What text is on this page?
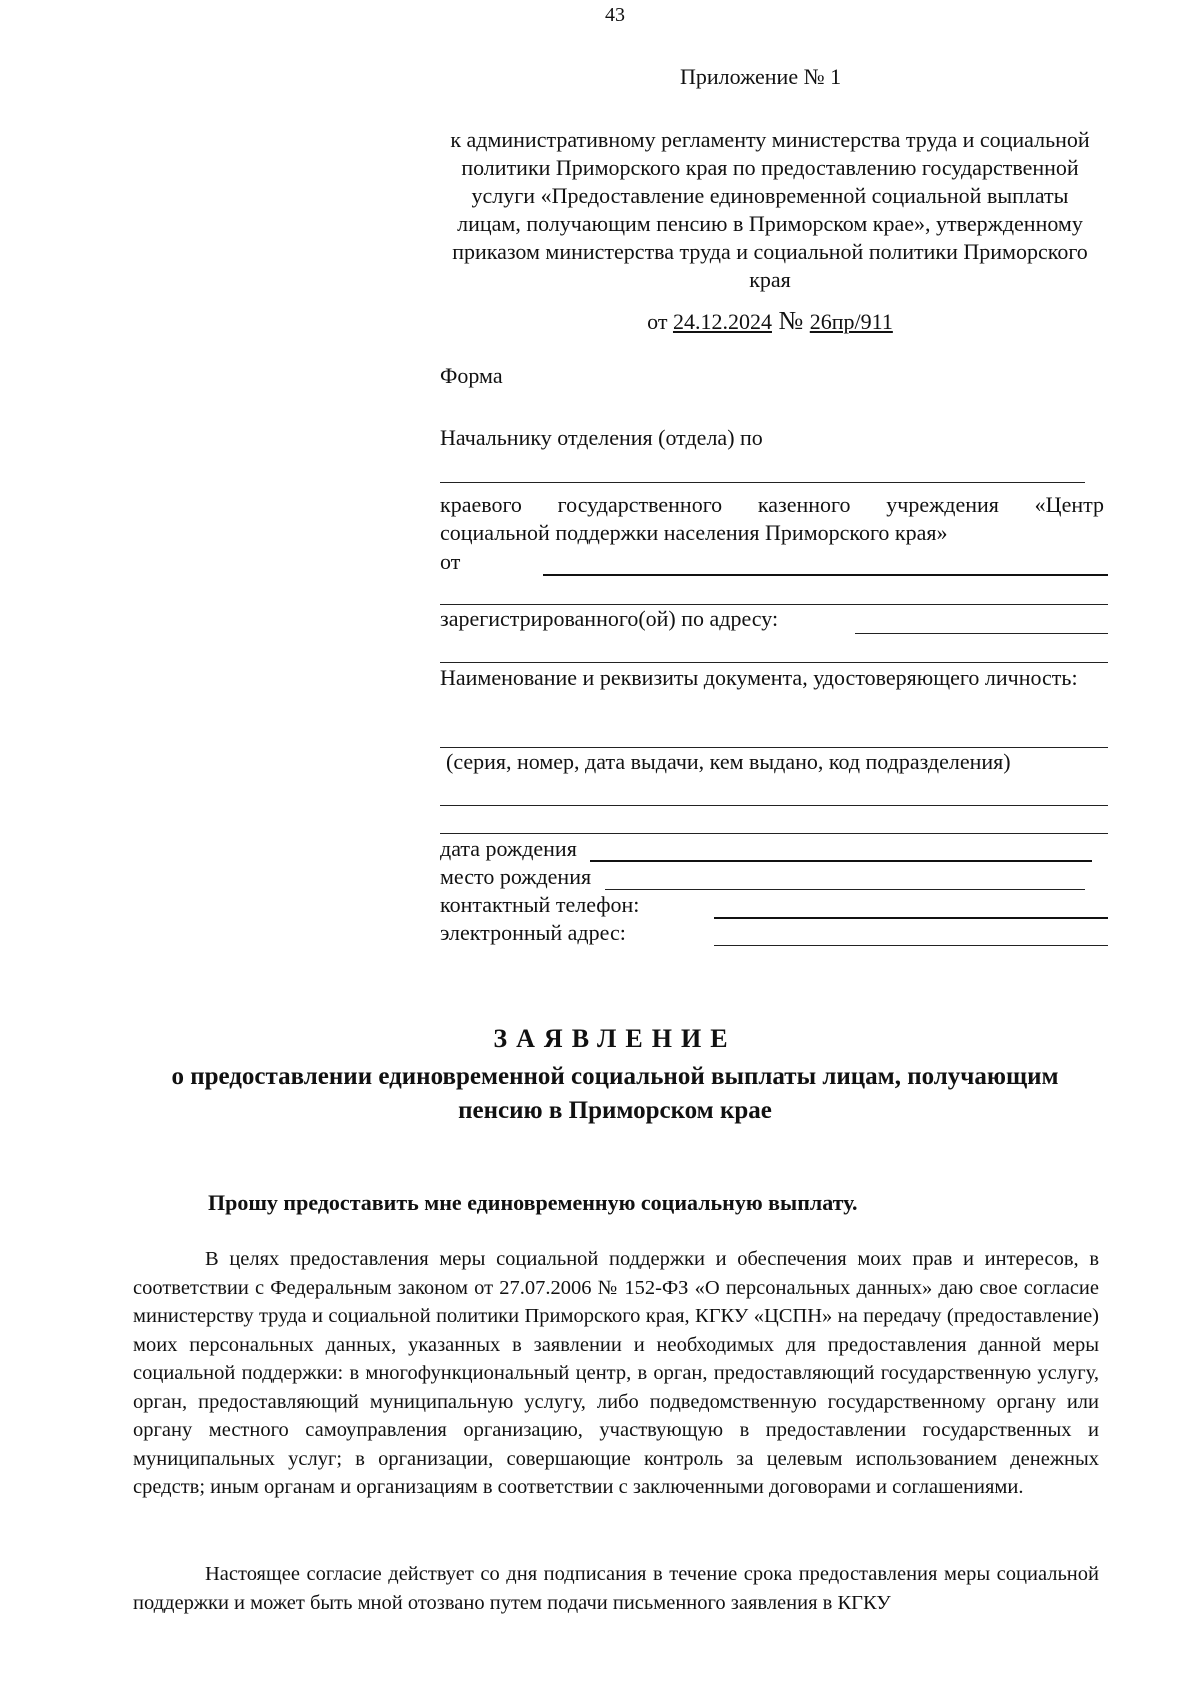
43
Приложение № 1
к административному регламенту министерства труда и социальной политики Приморского края по предоставлению государственной услуги «Предоставление единовременной социальной выплаты лицам, получающим пенсию в Приморском крае», утвержденному приказом министерства труда и социальной политики Приморского края
от 24.12.2024 № 26пр/911
Форма
Начальнику отделения (отдела) по
краевого государственного казенного учреждения «Центр
социальной поддержки населения Приморского края»
от
зарегистрированного(ой) по адресу:
Наименование и реквизиты документа, удостоверяющего личность:
(серия, номер, дата выдачи, кем выдано, код подразделения)
дата рождения
место рождения
контактный телефон:
электронный адрес:
ЗАЯВЛЕНИЕ
о предоставлении единовременной социальной выплаты лицам, получающим пенсию в Приморском крае
Прошу предоставить мне единовременную социальную выплату.
В целях предоставления меры социальной поддержки и обеспечения моих прав и интересов, в соответствии с Федеральным законом от 27.07.2006 № 152-ФЗ «О персональных данных» даю свое согласие министерству труда и социальной политики Приморского края, КГКУ «ЦСПН» на передачу (предоставление) моих персональных данных, указанных в заявлении и необходимых для предоставления данной меры социальной поддержки: в многофункциональный центр, в орган, предоставляющий государственную услугу, орган, предоставляющий муниципальную услугу, либо подведомственную государственному органу или органу местного самоуправления организацию, участвующую в предоставлении государственных и муниципальных услуг; в организации, совершающие контроль за целевым использованием денежных средств; иным органам и организациям в соответствии с заключенными договорами и соглашениями.
Настоящее согласие действует со дня подписания в течение срока предоставления меры социальной поддержки и может быть мной отозвано путем подачи письменного заявления в КГКУ
